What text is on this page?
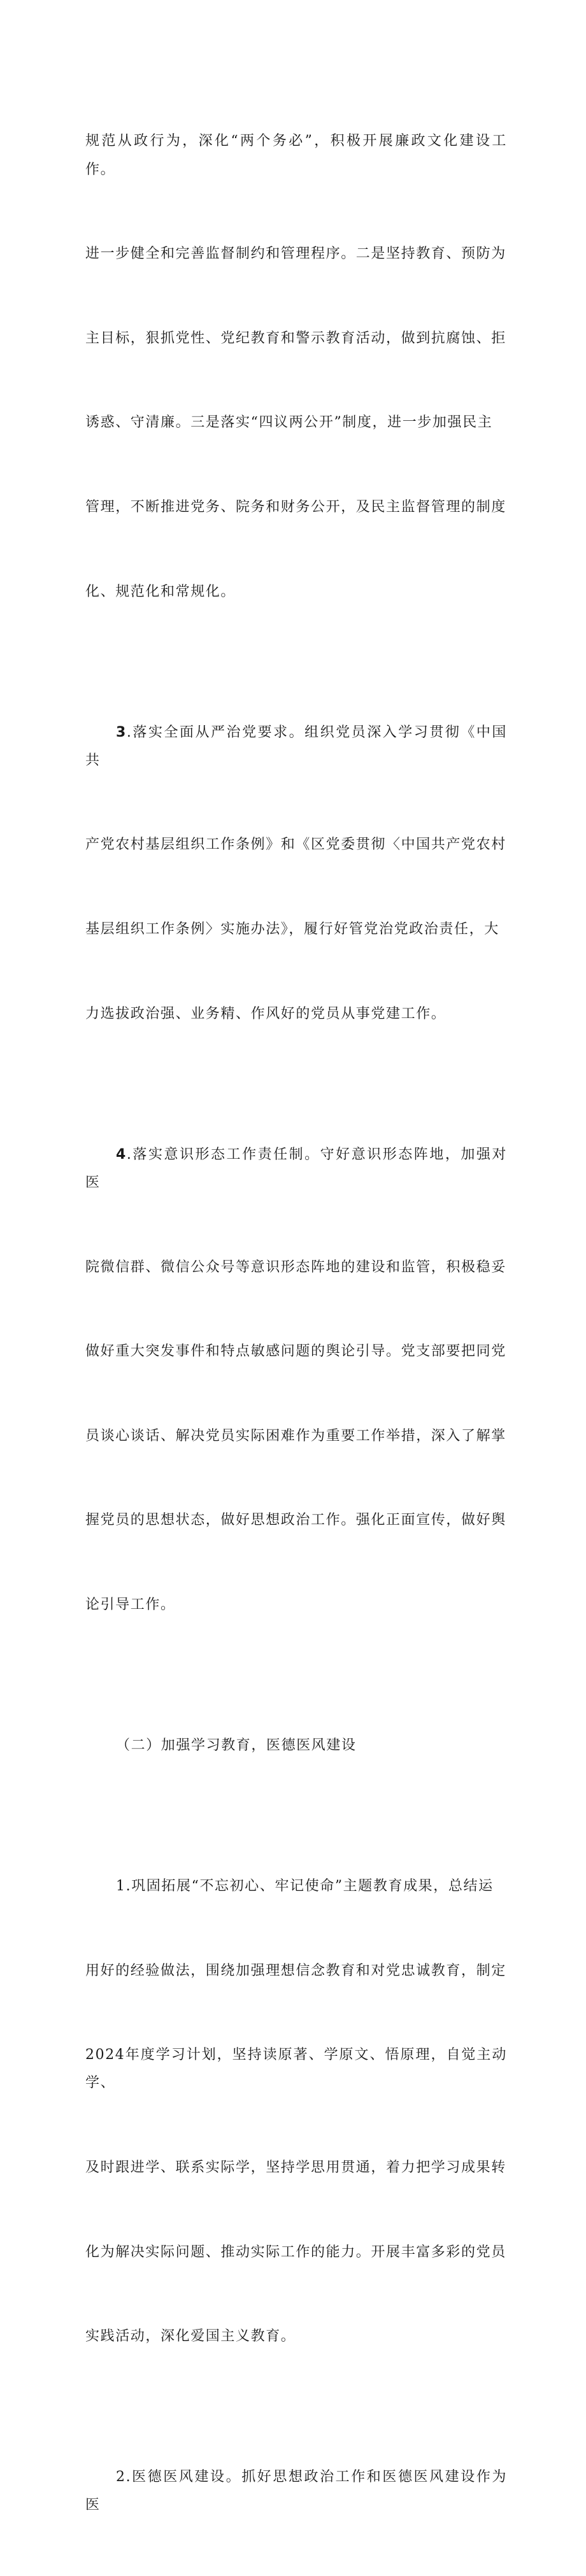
规范从政行为，深化“两个务必”，积极开展廉政文化建设工作。

进一步健全和完善监督制约和管理程序。二是坚持教育、预防为

主目标，狠抓党性、党纪教育和警示教育活动，做到抗腐蚀、拒

诱惑、守清廉。三是落实“四议两公开”制度，进一步加强民主

管理，不断推进党务、院务和财务公开，及民主监督管理的制度

化、规范化和常规化。

3.落实全面从严治党要求。组织党员深入学习贯彻《中国共

产党农村基层组织工作条例》和《区党委贯彻〈中国共产党农村

基层组织工作条例〉实施办法》，履行好管党治党政治责任，大

力选拔政治强、业务精、作风好的党员从事党建工作。

4.落实意识形态工作责任制。守好意识形态阵地，加强对医

院微信群、微信公众号等意识形态阵地的建设和监管，积极稳妥

做好重大突发事件和特点敏感问题的舆论引导。党支部要把同党

员谈心谈话、解决党员实际困难作为重要工作举措，深入了解掌

握党员的思想状态，做好思想政治工作。强化正面宣传，做好舆

论引导工作。

（二）加强学习教育，医德医风建设

1.巩固拓展“不忘初心、牢记使命”主题教育成果，总结运

用好的经验做法，围绕加强理想信念教育和对党忠诚教育，制定

2024年度学习计划，坚持读原著、学原文、悟原理，自觉主动学、

及时跟进学、联系实际学，坚持学思用贯通，着力把学习成果转

化为解决实际问题、推动实际工作的能力。开展丰富多彩的党员

实践活动，深化爱国主义教育。

2.医德医风建设。抓好思想政治工作和医德医风建设作为医
